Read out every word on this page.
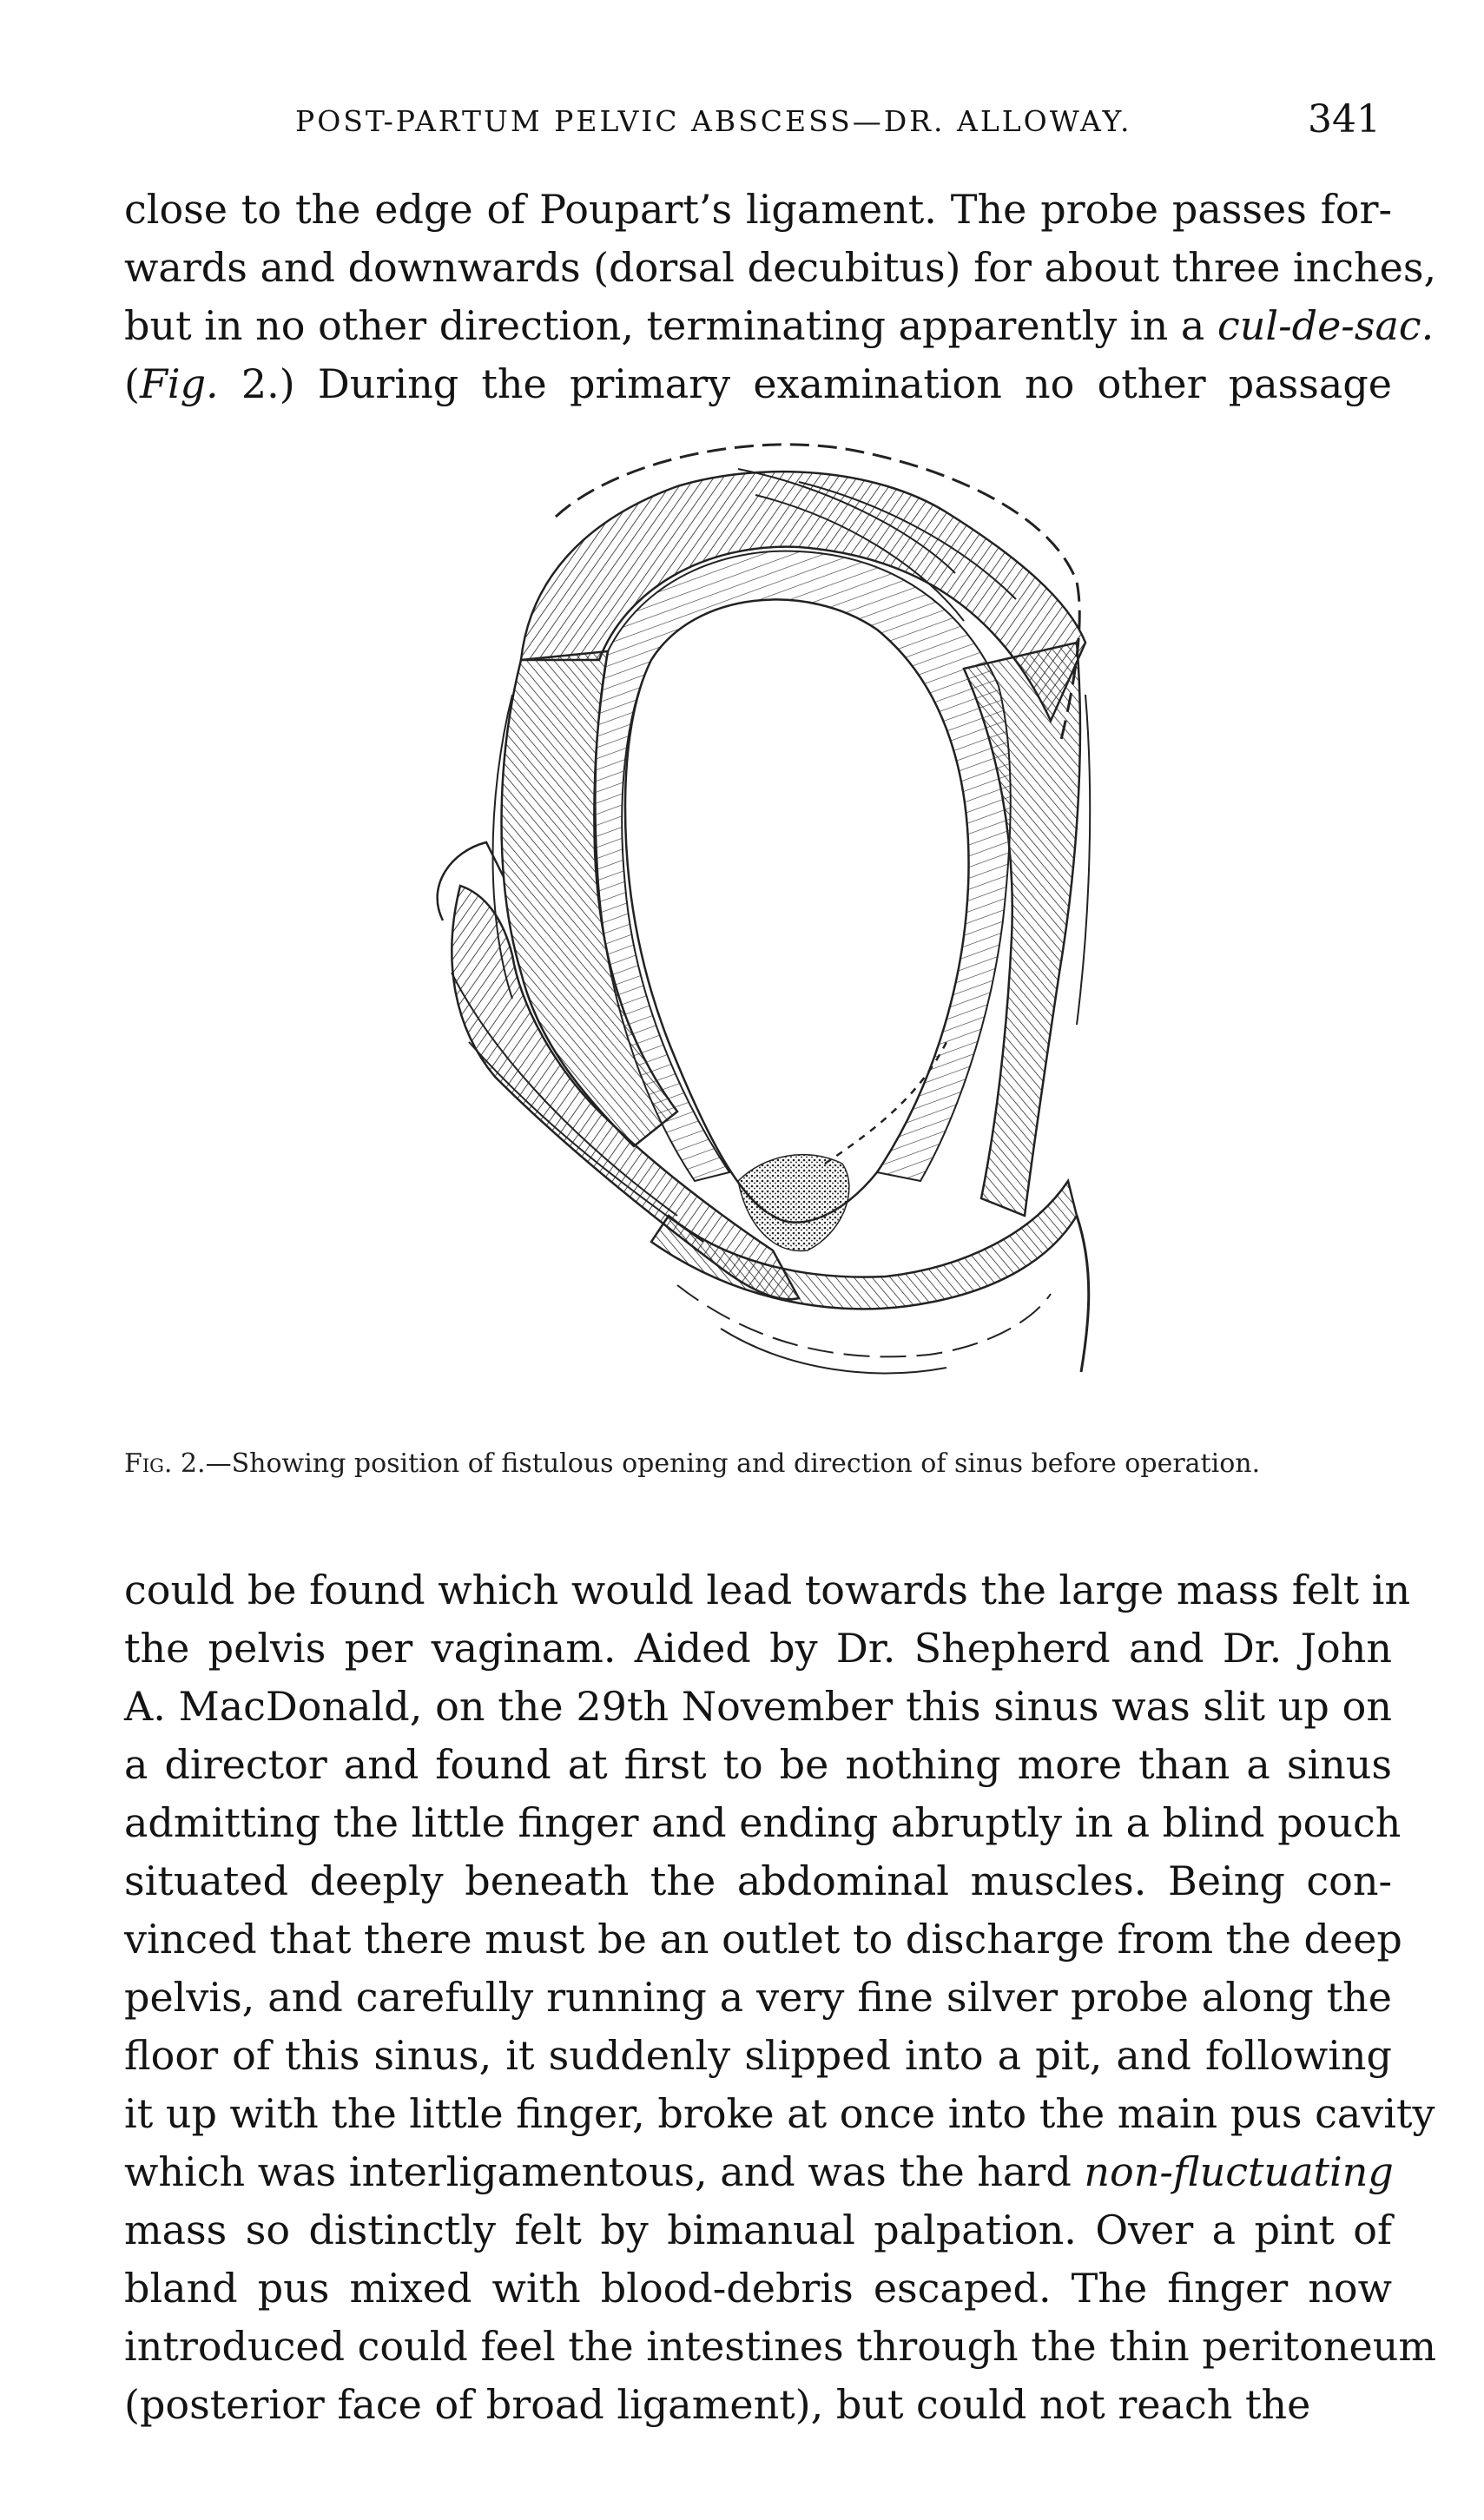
POST-PARTUM PELVIC ABSCESS—DR. ALLOWAY.	341
close to the edge of Poupart’s ligament. The probe passes for-
wards and downwards (dorsal decubitus) for about three inches,
but in no other direction, terminating apparently in a cul-de-sac.
(Fig. 2.) During the primary examination no other passage
Fig. 2.—Showing position of fistulous opening and direction of sinus before operation.
could be found which would lead towards the large mass felt in
the pelvis per vaginam. Aided by Dr. Shepherd and Dr. John
A. MacDonald, on the 29th November this sinus was slit up on
a director and found at first to be nothing more than a sinus
admitting the little finger and ending abruptly in a blind pouch
situated deeply beneath the abdominal muscles. Being con-
vinced that there must be an outlet to discharge from the deep
pelvis, and carefully running a very fine silver probe along the
floor of this sinus, it suddenly slipped into a pit, and following
it up with the little finger, broke at once into the main pus cavity
which was interligamentous, and was the hard non-fluctuating
mass so distinctly felt by bimanual palpation. Over a pint of
bland pus mixed with blood-debris escaped. The finger now
introduced could feel the intestines through the thin peritoneum
(posterior face of broad ligament), but could not reach the
